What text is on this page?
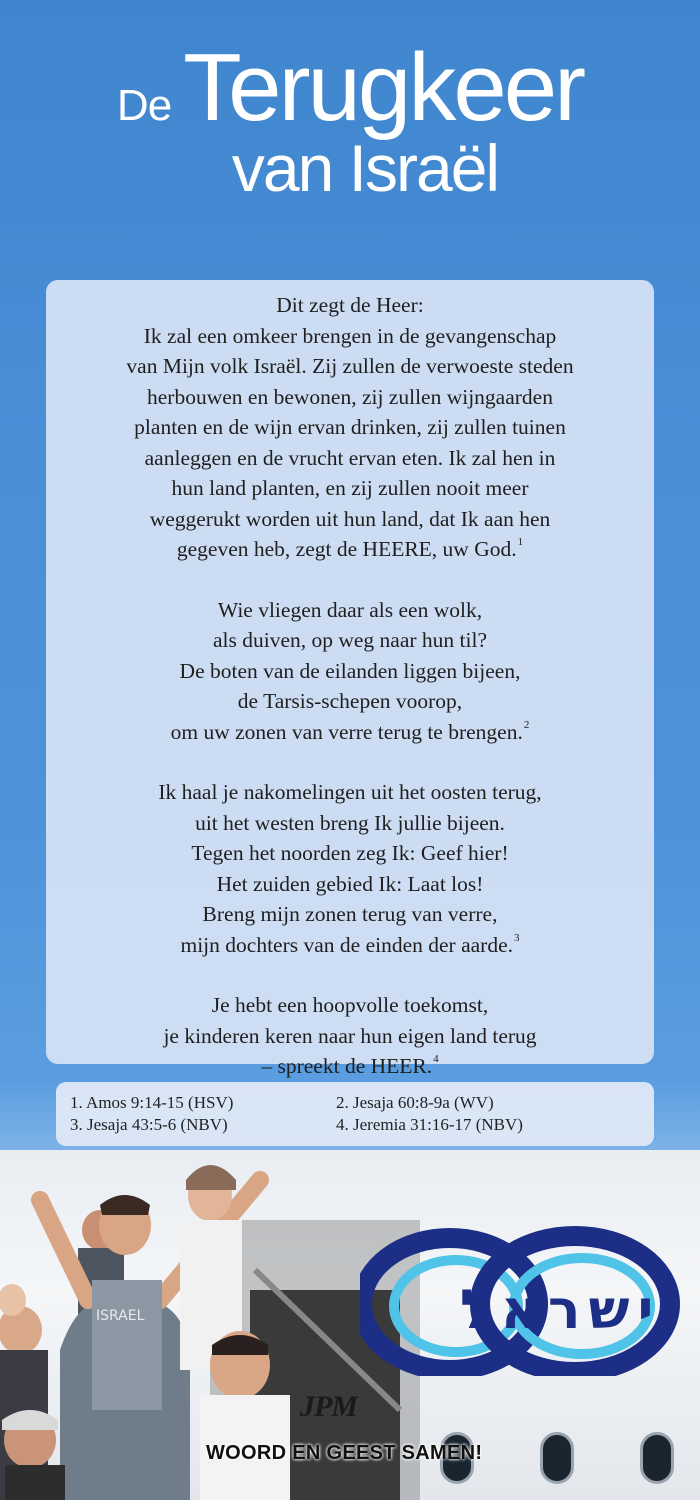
De Terugkeer
van Israël

Dit zegt de Heer:

Ik zal een omkeer brengen in de gevangenschap

van Mijn volk Israël. Zij zullen de verwoeste steden

herbouwen en bewonen, zij zullen wijngaarden

planten en de wijn ervan drinken, zij zullen tuinen

aanleggen en de vrucht ervan eten. Ik zal hen in

hun land planten, en zij zullen nooit meer

weggerukt worden uit hun land, dat Ik aan hen

gegeven heb, zegt de HEERE, uw God.$^1$

Wie vliegen daar als een wolk,

als duiven, op weg naar hun til?

De boten van de eilanden liggen bijeen,

de Tarsis-schepen voorop,

om uw zonen van verre terug te brengen.$^2$

Ik haal je nakomelingen uit het oosten terug,

uit het westen breng Ik jullie bijeen.

Tegen het noorden zeg Ik: Geef hier!

Het zuiden gebied Ik: Laat los!

Breng mijn zonen terug van verre,

mijn dochters van de einden der aarde.$^3$

Je hebt een hoopvolle toekomst,

je kinderen keren naar hun eigen land terug

– spreekt de HEER.$^4$

1. Amos 9:14-15 (HSV)	2. Jesaja 60:8-9a (WV)
3. Jesaja 43:5-6 (NBV)	4. Jeremia 31:16-17 (NBV)
ISRAEL	ישראל
JPM
WOORD EN GEEST SAMEN!
